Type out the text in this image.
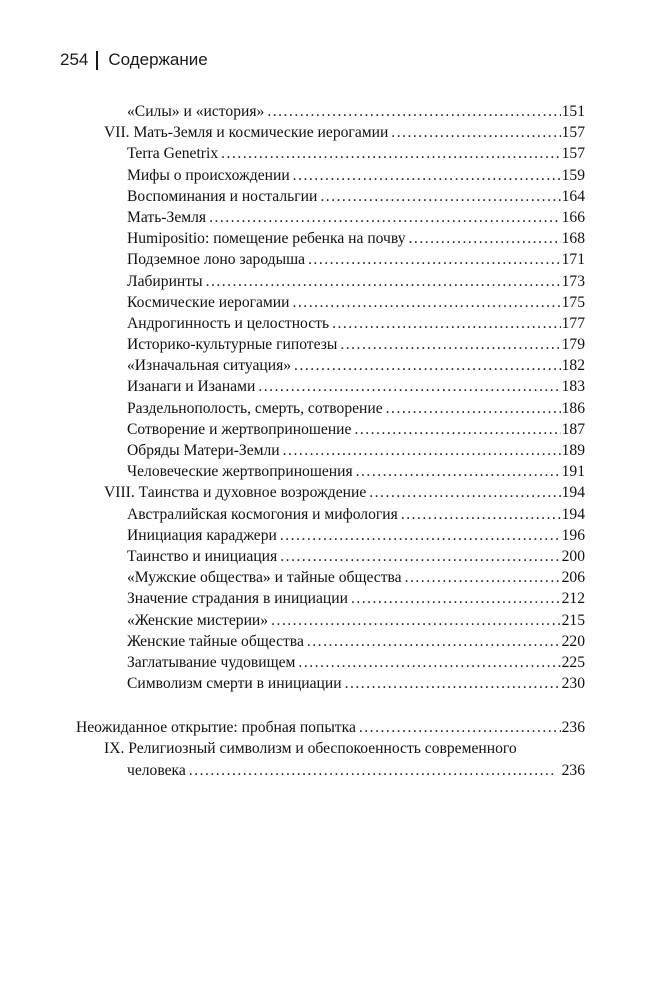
254 Содержание
«Силы» и «история» . . .	151
VII. Мать-Земля и космические иерогамии . . .	157
Terra Genetrix . . .	157
Мифы о происхождении . . .	159
Воспоминания и ностальгии . . .	164
Мать-Земля . . .	166
Humipositio: помещение ребенка на почву . . .	168
Подземное лоно зародыша . . .	171
Лабиринты . . .	173
Космические иерогамии . . .	175
Андрогинность и целостность . . .	177
Историко-культурные гипотезы . . .	179
«Изначальная ситуация» . . .	182
Изанаги и Изанами . . .	183
Раздельнополость, смерть, сотворение . . .	186
Сотворение и жертвоприношение . . .	187
Обряды Матери-Земли . . .	189
Человеческие жертвоприношения . . .	191
VIII. Таинства и духовное возрождение . . .	194
Австралийская космогония и мифология . . .	194
Инициация караджери . . .	196
Таинство и инициация . . .	200
«Мужские общества» и тайные общества . . .	206
Значение страдания в инициации . . .	212
«Женские мистерии» . . .	215
Женские тайные общества . . .	220
Заглатывание чудовищем . . .	225
Символизм смерти в инициации . . .	230
Неожиданное открытие: пробная попытка . . .	236
IX. Религиозный символизм и обеспокоенность современного
человека . . .	236
